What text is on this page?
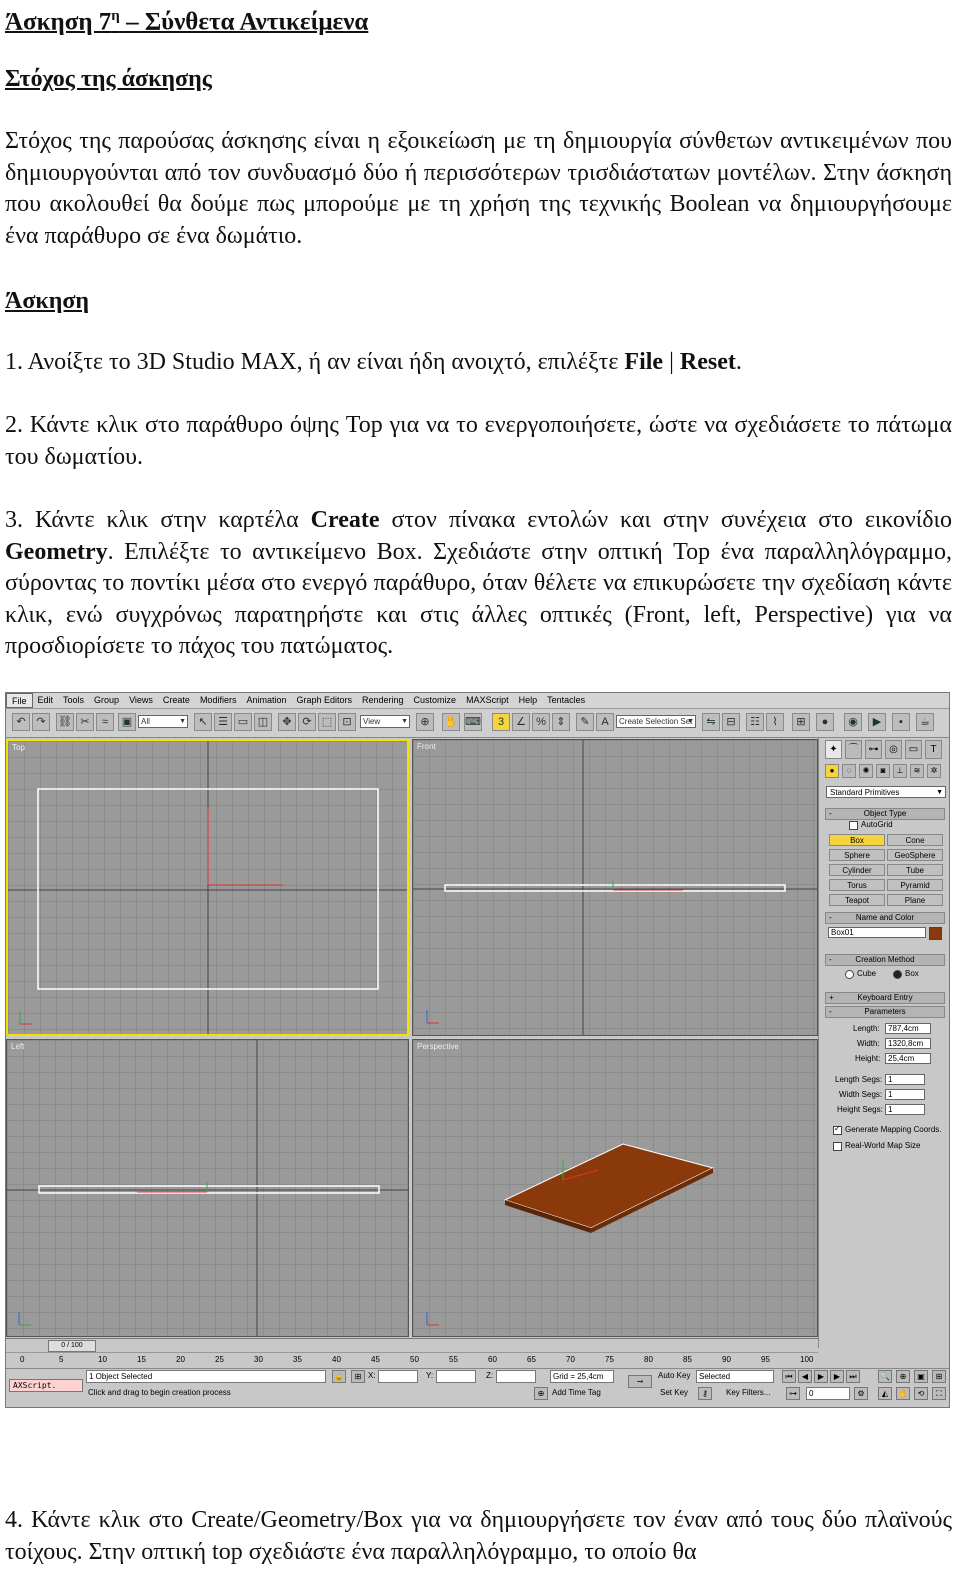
Άσκηση $7^\eta$ – Σύνθετα Αντικείμενα
Στόχος της άσκησης

Στόχος της παρούσας άσκησης είναι η εξοικείωση με τη δημιουργία σύνθετων αντικειμένων που δημιουργούνται από τον συνδυασμό δύο ή περισσότερων τρισδιάστατων μοντέλων. Στην άσκηση που ακολουθεί θα δούμε πως μπορούμε με τη χρήση της τεχνικής Boolean να δημιουργήσουμε ένα παράθυρο σε ένα δωμάτιο.

Άσκηση

1. Ανοίξτε το 3D Studio MAX, ή αν είναι ήδη ανοιχτό, επιλέξτε File | Reset.

2. Κάντε κλικ στο παράθυρο όψης Top για να το ενεργοποιήσετε, ώστε να σχεδιάσετε το πάτωμα του δωματίου.

3. Κάντε κλικ στην καρτέλα Create στον πίνακα εντολών και στην συνέχεια στο εικονίδιο Geometry. Επιλέξτε το αντικείμενο Box. Σχεδιάστε στην οπτική Top ένα παραλληλόγραμμο, σύροντας το ποντίκι μέσα στο ενεργό παράθυρο, όταν θέλετε να επικυρώσετε την σχεδίαση κάντε κλικ, ενώ συγχρόνως παρατηρήστε και στις άλλες οπτικές (Front, left, Perspective) για να προσδιορίσετε το πάχος του πατώματος.

4. Κάντε κλικ στο Create/Geometry/Box για να δημιουργήσετε τον έναν από τους δύο πλαϊνούς τοίχους. Στην οπτική top σχεδιάστε ένα παραλληλόγραμμο, το οποίο θα

File	Edit	Tools	Group	Views	Create	Modifiers	Animation	Graph Editors	Rendering	Customize	MAXScript	Help	Tentacles
↶ ↷	⛓ ✂	≈	▣	All ▼	↖ ☰ ▭ ◫	✥ ⟳ ⬚ ⊡	View ▼	⊕	✋ ⌨	3	∠ % ⇕	✎	A	Create Selection Set ▼	⇋ ⊟	☷	⌇	⊞	●	◉	▶	▪	☕
Top	Front
Left	Perspective
✦	⌒	⊶	◎	▭	T
●	◌	✺	◙	⊥	≋	✲
Standard Primitives ▼
-	Object Type
AutoGrid
Box	Cone
Sphere	GeoSphere
Cylinder	Tube
Torus	Pyramid
Teapot	Plane
-	Name and Color
Box01
-	Creation Method
Cube	Box
+	Keyboard Entry
-	Parameters
Length:	787,4cm
Width:	1320,8cm
Height: 25,4cm
Length Segs: 1
Width Segs: 1
Height Segs: 1
✓
Generate Mapping Coords.
Real-World Map Size
0 / 100
0	5	10	15	20	25	30	35	40	45	50	55	60	65	70	75	80	85	90	95	100
AXScript.
1 Object Selected
Click and drag to begin creation process
🔒	⊞ X:	Y:	Z:	Grid = 25,4cm
⊕ Add Time Tag
⊸
Auto Key	Selected
Set Key	⚷	Key Filters...
⏮	◀	▶	▶	⏭
⊶	0	⚙
🔍	⊕	▣	⊞
◭	✋	⟲	⛶
